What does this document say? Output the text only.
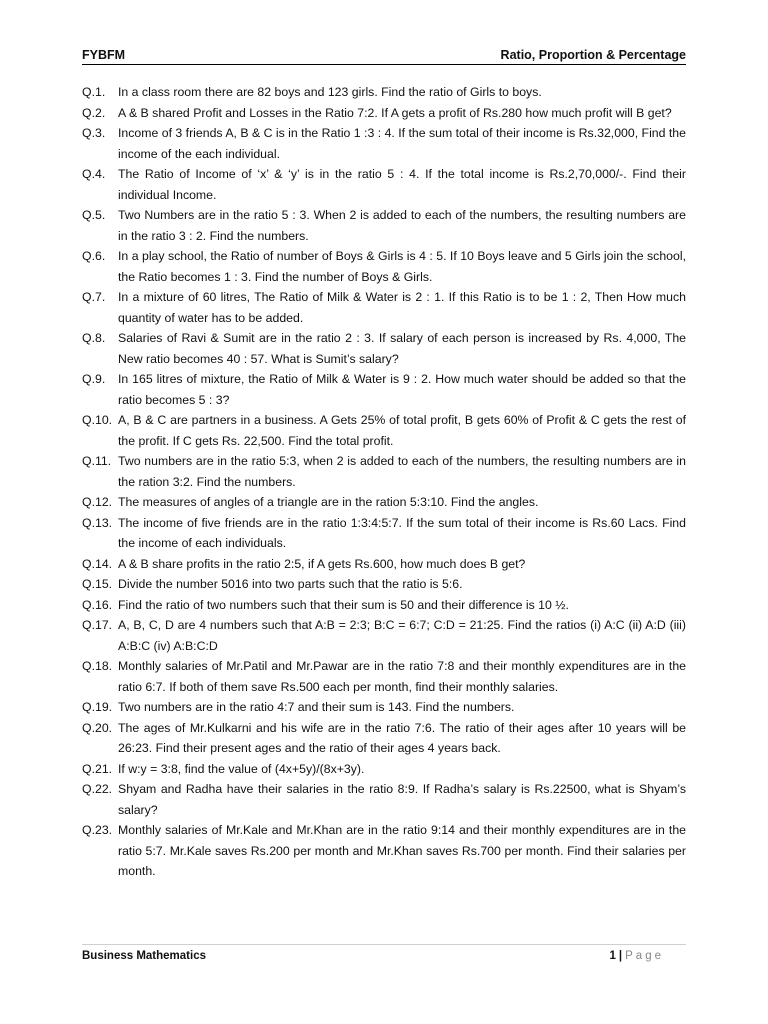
FYBFM	Ratio, Proportion & Percentage
Q.1.	In a class room there are 82 boys and 123 girls. Find the ratio of Girls to boys.
Q.2.	A & B shared Profit and Losses in the Ratio 7:2. If A gets a profit of Rs.280 how much profit will B get?
Q.3.	Income of 3 friends A, B & C is in the Ratio 1 :3 : 4. If the sum total of their income is Rs.32,000, Find the income of the each individual.
Q.4.	The Ratio of Income of ‘x’ & ‘y’ is in the ratio 5 : 4. If the total income is Rs.2,70,000/-. Find their individual Income.
Q.5.	Two Numbers are in the ratio 5 : 3. When 2 is added to each of the numbers, the resulting numbers are in the ratio 3 : 2. Find the numbers.
Q.6.	In a play school, the Ratio of number of Boys & Girls is 4 : 5. If 10 Boys leave and 5 Girls join the school, the Ratio becomes 1 : 3. Find the number of Boys & Girls.
Q.7.	In a mixture of 60 litres, The Ratio of Milk & Water is 2 : 1. If this Ratio is to be 1 : 2, Then How much quantity of water has to be added.
Q.8.	Salaries of Ravi & Sumit are in the ratio 2 : 3. If salary of each person is increased by Rs. 4,000, The New ratio becomes 40 : 57. What is Sumit’s salary?
Q.9.	In 165 litres of mixture, the Ratio of Milk & Water is 9 : 2. How much water should be added so that the ratio becomes 5 : 3?
Q.10. A, B & C are partners in a business. A Gets 25% of total profit, B gets 60% of Profit & C gets the rest of the profit. If C gets Rs. 22,500. Find the total profit.
Q.11. Two numbers are in the ratio 5:3, when 2 is added to each of the numbers, the resulting numbers are in the ration 3:2. Find the numbers.
Q.12. The measures of angles of a triangle are in the ration 5:3:10. Find the angles.
Q.13. The income of five friends are in the ratio 1:3:4:5:7. If the sum total of their income is Rs.60 Lacs. Find the income of each individuals.
Q.14. A & B share profits in the ratio 2:5, if A gets Rs.600, how much does B get?
Q.15. Divide the number 5016 into two parts such that the ratio is 5:6.
Q.16. Find the ratio of two numbers such that their sum is 50 and their difference is 10 ½.
Q.17. A, B, C, D are 4 numbers such that A:B = 2:3; B:C = 6:7; C:D = 21:25. Find the ratios (i) A:C (ii) A:D (iii) A:B:C (iv) A:B:C:D
Q.18. Monthly salaries of Mr.Patil and Mr.Pawar are in the ratio 7:8 and their monthly expenditures are in the ratio 6:7. If both of them save Rs.500 each per month, find their monthly salaries.
Q.19. Two numbers are in the ratio 4:7 and their sum is 143. Find the numbers.
Q.20. The ages of Mr.Kulkarni and his wife are in the ratio 7:6. The ratio of their ages after 10 years will be 26:23. Find their present ages and the ratio of their ages 4 years back.
Q.21. If w:y = 3:8, find the value of (4x+5y)/(8x+3y).
Q.22. Shyam and Radha have their salaries in the ratio 8:9. If Radha’s salary is Rs.22500, what is Shyam’s salary?
Q.23. Monthly salaries of Mr.Kale and Mr.Khan are in the ratio 9:14 and their monthly expenditures are in the ratio 5:7. Mr.Kale saves Rs.200 per month and Mr.Khan saves Rs.700 per month. Find their salaries per month.
Business Mathematics	1 | Page
